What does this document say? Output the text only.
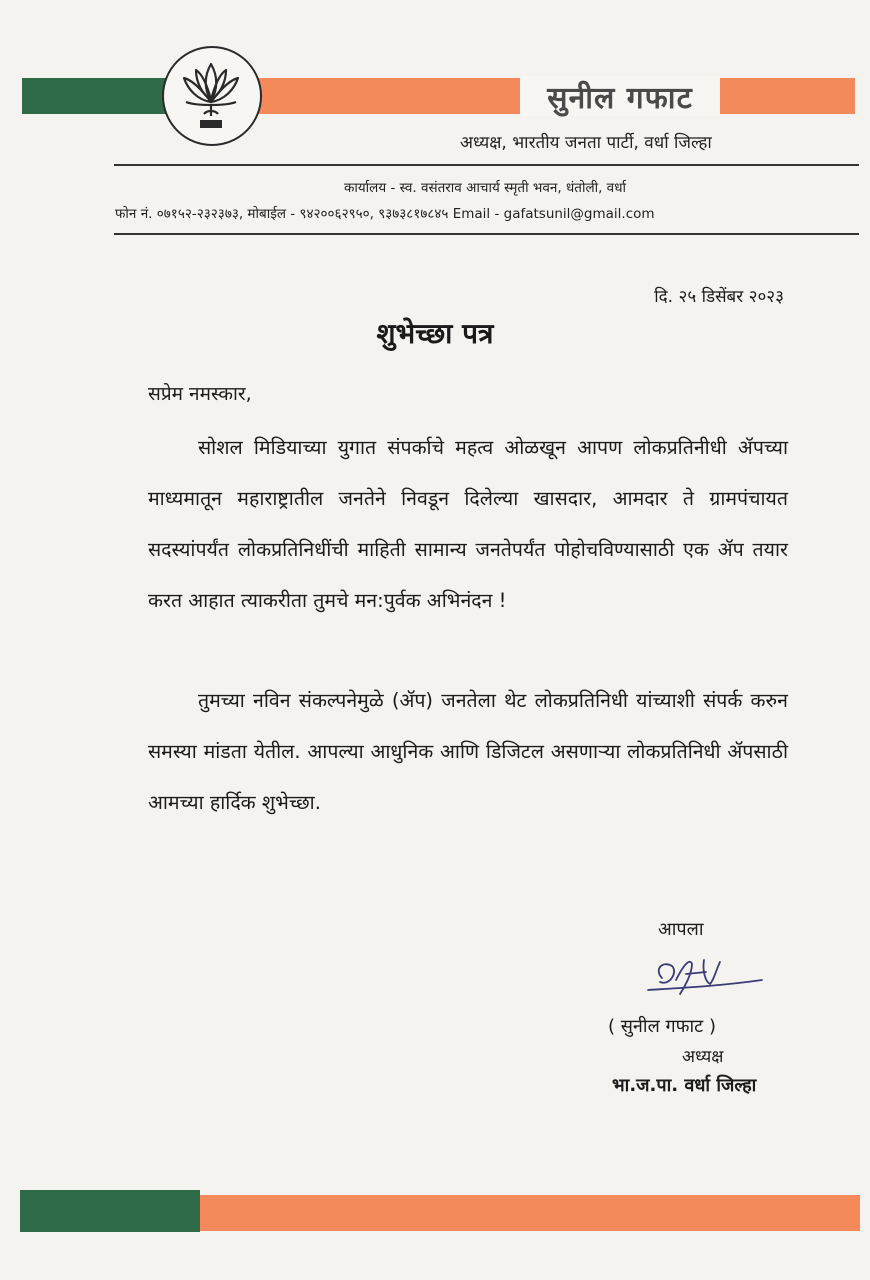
सुनील गफाट
अध्यक्ष, भारतीय जनता पार्टी, वर्धा जिल्हा
कार्यालय - स्व. वसंतराव आचार्य स्मृती भवन, धंतोली, वर्धा
फोन नं. ०७१५२-२३२३७३, मोबाईल - ९४२००६२९५०, ९३७३८१७८४५ Email - gafatsunil@gmail.com
दि. २५ डिसेंबर २०२३
शुभेच्छा पत्र
सप्रेम नमस्कार,
सोशल मिडियाच्या युगात संपर्काचे महत्व ओळखून आपण लोकप्रतिनीधी ॲपच्या माध्यमातून महाराष्ट्रातील जनतेने निवडून दिलेल्या खासदार, आमदार ते ग्रामपंचायत सदस्यांपर्यंत लोकप्रतिनिधींची माहिती सामान्य जनतेपर्यंत पोहोचविण्यासाठी एक ॲप तयार करत आहात त्याकरीता तुमचे मन:पुर्वक अभिनंदन !
तुमच्या नविन संकल्पनेमुळे (ॲप) जनतेला थेट लोकप्रतिनिधी यांच्याशी संपर्क करुन समस्या मांडता येतील. आपल्या आधुनिक आणि डिजिटल असणाऱ्या लोकप्रतिनिधी ॲपसाठी आमच्या हार्दिक शुभेच्छा.
आपला
( सुनील गफाट )
अध्यक्ष
भा.ज.पा. वर्धा जिल्हा
